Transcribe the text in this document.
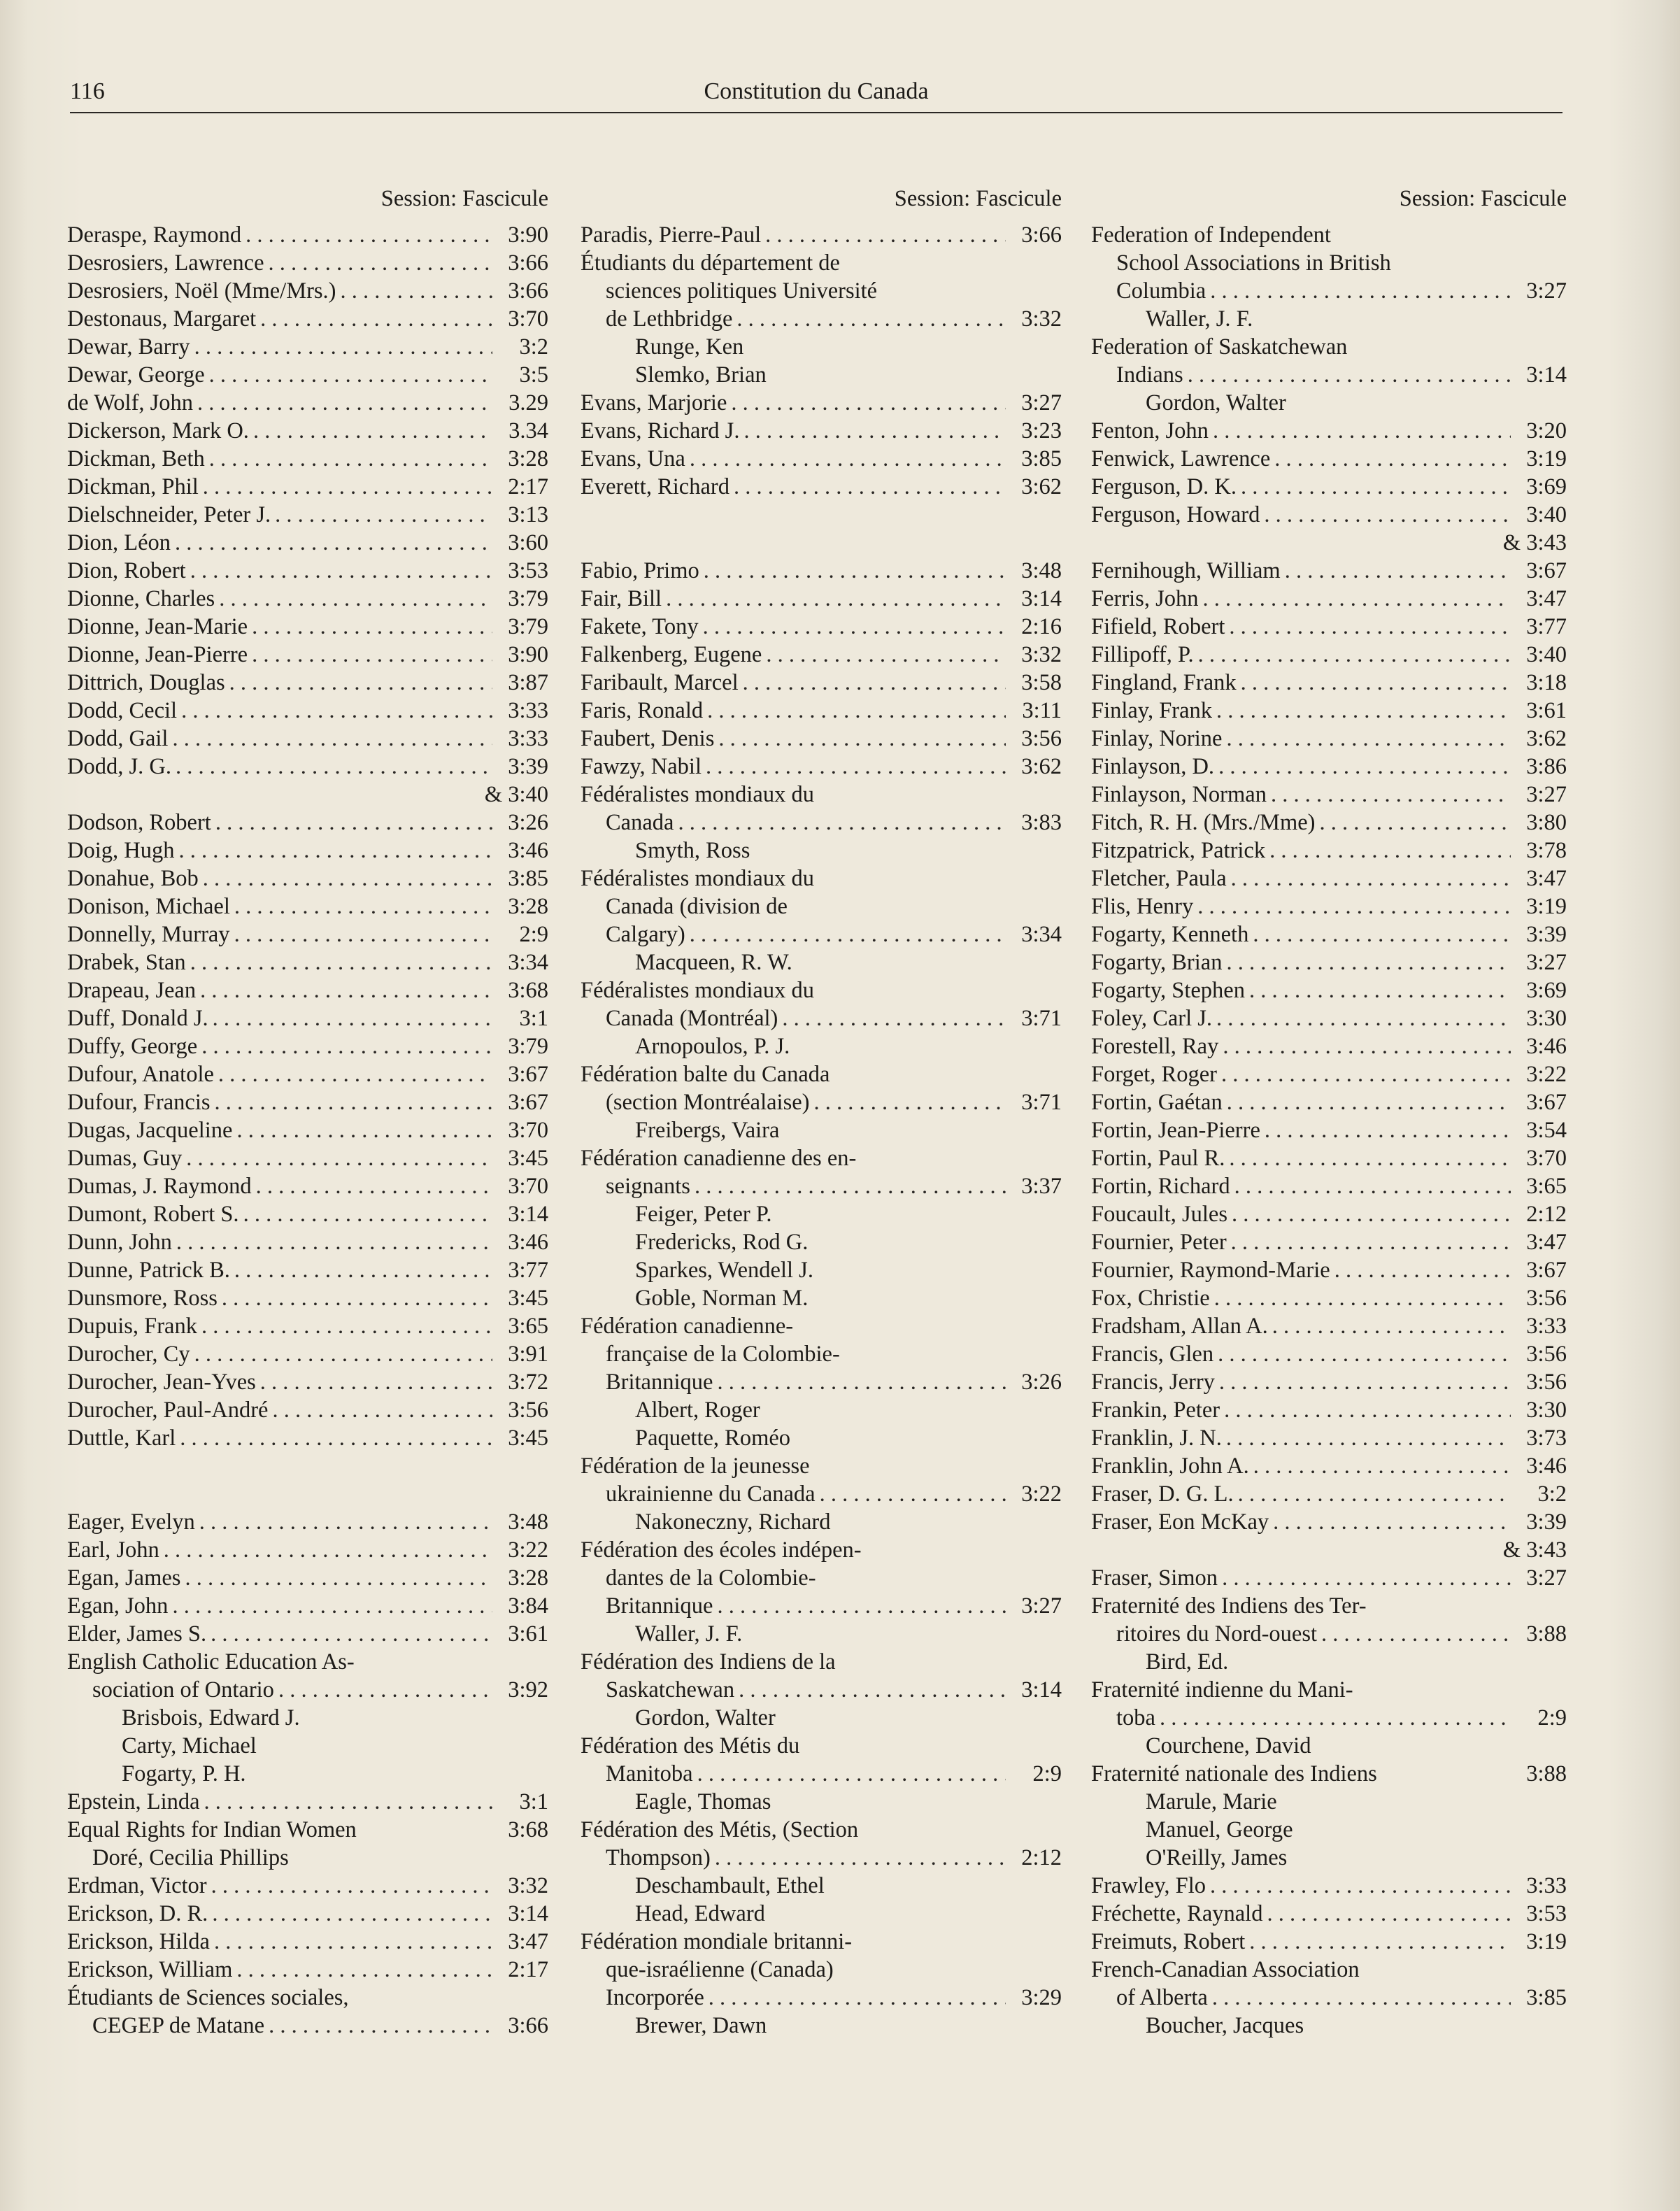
116	Constitution du Canada
Session: Fascicule
Deraspe, Raymond . . .	3:90
Desrosiers, Lawrence . . .	3:66
Desrosiers, Noël (Mme/Mrs.) . . .	3:66
Destonaus, Margaret . . .	3:70
Dewar, Barry . . .	3:2
Dewar, George . . .	3:5
de Wolf, John . . .	3.29
Dickerson, Mark O. . . .	3.34
Dickman, Beth . . .	3:28
Dickman, Phil . . .	2:17
Dielschneider, Peter J. . . .	3:13
Dion, Léon . . .	3:60
Dion, Robert . . .	3:53
Dionne, Charles . . .	3:79
Dionne, Jean-Marie . . .	3:79
Dionne, Jean-Pierre . . .	3:90
Dittrich, Douglas . . .	3:87
Dodd, Cecil . . .	3:33
Dodd, Gail . . .	3:33
Dodd, J. G. . . .	3:39
& 3:40
Dodson, Robert . . .	3:26
Doig, Hugh . . .	3:46
Donahue, Bob . . .	3:85
Donison, Michael . . .	3:28
Donnelly, Murray . . .	2:9
Drabek, Stan . . .	3:34
Drapeau, Jean . . .	3:68
Duff, Donald J. . . .	3:1
Duffy, George . . .	3:79
Dufour, Anatole . . .	3:67
Dufour, Francis . . .	3:67
Dugas, Jacqueline . . .	3:70
Dumas, Guy . . .	3:45
Dumas, J. Raymond . . .	3:70
Dumont, Robert S. . . .	3:14
Dunn, John . . .	3:46
Dunne, Patrick B. . . .	3:77
Dunsmore, Ross . . .	3:45
Dupuis, Frank . . .	3:65
Durocher, Cy . . .	3:91
Durocher, Jean-Yves . . .	3:72
Durocher, Paul-André . . .	3:56
Duttle, Karl . . .	3:45
Eager, Evelyn . . .	3:48
Earl, John . . .	3:22
Egan, James . . .	3:28
Egan, John . . .	3:84
Elder, James S. . . .	3:61
English Catholic Education As-
sociation of Ontario . . .	3:92
Brisbois, Edward J.
Carty, Michael
Fogarty, P. H.
Epstein, Linda . . .	3:1
Equal Rights for Indian Women	3:68
Doré, Cecilia Phillips
Erdman, Victor . . .	3:32
Erickson, D. R. . . .	3:14
Erickson, Hilda . . .	3:47
Erickson, William . . .	2:17
Étudiants de Sciences sociales,
CEGEP de Matane . . .	3:66
Session: Fascicule
Paradis, Pierre-Paul . . .	3:66
Étudiants du département de
sciences politiques Université
de Lethbridge . . .	3:32
Runge, Ken
Slemko, Brian
Evans, Marjorie . . .	3:27
Evans, Richard J. . . .	3:23
Evans, Una . . .	3:85
Everett, Richard . . .	3:62
Fabio, Primo . . .	3:48
Fair, Bill . . .	3:14
Fakete, Tony . . .	2:16
Falkenberg, Eugene . . .	3:32
Faribault, Marcel . . .	3:58
Faris, Ronald . . .	3:11
Faubert, Denis . . .	3:56
Fawzy, Nabil . . .	3:62
Fédéralistes mondiaux du
Canada . . .	3:83
Smyth, Ross
Fédéralistes mondiaux du
Canada (division de
Calgary) . . .	3:34
Macqueen, R. W.
Fédéralistes mondiaux du
Canada (Montréal) . . .	3:71
Arnopoulos, P. J.
Fédération balte du Canada
(section Montréalaise) . . .	3:71
Freibergs, Vaira
Fédération canadienne des en-
seignants . . .	3:37
Feiger, Peter P.
Fredericks, Rod G.
Sparkes, Wendell J.
Goble, Norman M.
Fédération canadienne-
française de la Colombie-
Britannique . . .	3:26
Albert, Roger
Paquette, Roméo
Fédération de la jeunesse
ukrainienne du Canada . . .	3:22
Nakoneczny, Richard
Fédération des écoles indépen-
dantes de la Colombie-
Britannique . . .	3:27
Waller, J. F.
Fédération des Indiens de la
Saskatchewan . . .	3:14
Gordon, Walter
Fédération des Métis du
Manitoba . . .	2:9
Eagle, Thomas
Fédération des Métis, (Section
Thompson) . . .	2:12
Deschambault, Ethel
Head, Edward
Fédération mondiale britanni-
que-israélienne (Canada)
Incorporée . . .	3:29
Brewer, Dawn
Session: Fascicule
Federation of Independent
School Associations in British
Columbia . . .	3:27
Waller, J. F.
Federation of Saskatchewan
Indians . . .	3:14
Gordon, Walter
Fenton, John . . .	3:20
Fenwick, Lawrence . . .	3:19
Ferguson, D. K. . . .	3:69
Ferguson, Howard . . .	3:40
& 3:43
Fernihough, William . . .	3:67
Ferris, John . . .	3:47
Fifield, Robert . . .	3:77
Fillipoff, P. . . .	3:40
Fingland, Frank . . .	3:18
Finlay, Frank . . .	3:61
Finlay, Norine . . .	3:62
Finlayson, D. . . .	3:86
Finlayson, Norman . . .	3:27
Fitch, R. H. (Mrs./Mme) . . .	3:80
Fitzpatrick, Patrick . . .	3:78
Fletcher, Paula . . .	3:47
Flis, Henry . . .	3:19
Fogarty, Kenneth . . .	3:39
Fogarty, Brian . . .	3:27
Fogarty, Stephen . . .	3:69
Foley, Carl J. . . .	3:30
Forestell, Ray . . .	3:46
Forget, Roger . . .	3:22
Fortin, Gaétan . . .	3:67
Fortin, Jean-Pierre . . .	3:54
Fortin, Paul R. . . .	3:70
Fortin, Richard . . .	3:65
Foucault, Jules . . .	2:12
Fournier, Peter . . .	3:47
Fournier, Raymond-Marie . . .	3:67
Fox, Christie . . .	3:56
Fradsham, Allan A. . . .	3:33
Francis, Glen . . .	3:56
Francis, Jerry . . .	3:56
Frankin, Peter . . .	3:30
Franklin, J. N. . . .	3:73
Franklin, John A. . . .	3:46
Fraser, D. G. L. . . .	3:2
Fraser, Eon McKay . . .	3:39
& 3:43
Fraser, Simon . . .	3:27
Fraternité des Indiens des Ter-
ritoires du Nord-ouest . . .	3:88
Bird, Ed.
Fraternité indienne du Mani-
toba . . .	2:9
Courchene, David
Fraternité nationale des Indiens	3:88
Marule, Marie
Manuel, George
O'Reilly, James
Frawley, Flo . . .	3:33
Fréchette, Raynald . . .	3:53
Freimuts, Robert . . .	3:19
French-Canadian Association
of Alberta . . .	3:85
Boucher, Jacques
